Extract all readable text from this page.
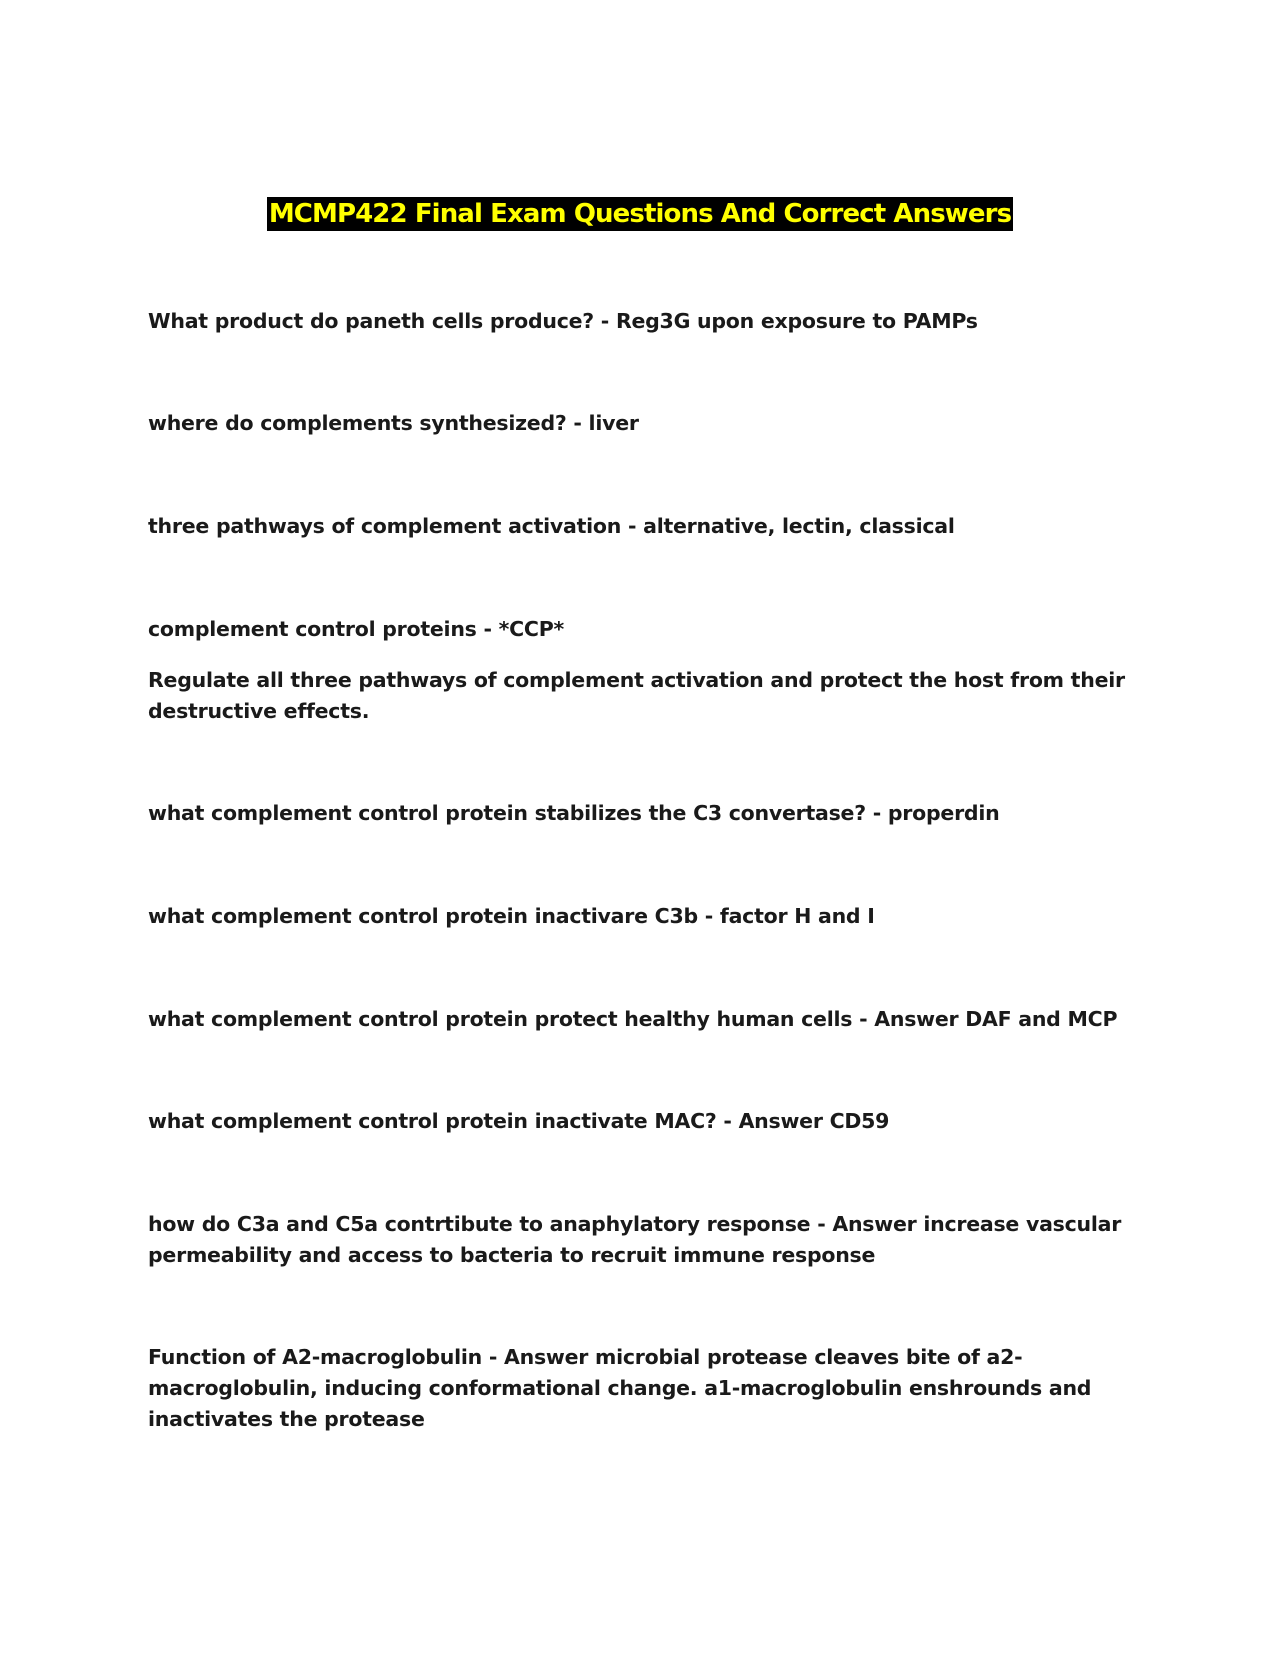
MCMP422 Final Exam Questions And Correct Answers

What product do paneth cells produce? - Reg3G upon exposure to PAMPs

where do complements synthesized? - liver

three pathways of complement activation - alternative, lectin, classical

complement control proteins - *CCP*

Regulate all three pathways of complement activation and protect the host from their destructive effects.

what complement control protein stabilizes the C3 convertase? - properdin

what complement control protein inactivare C3b - factor H and I

what complement control protein protect healthy human cells - Answer DAF and MCP

what complement control protein inactivate MAC? - Answer CD59

how do C3a and C5a contrtibute to anaphylatory response - Answer increase vascular permeability and access to bacteria to recruit immune response

Function of A2-macroglobulin - Answer microbial protease cleaves bite of a2-macroglobulin, inducing conformational change. a1-macroglobulin enshrounds and inactivates the protease
